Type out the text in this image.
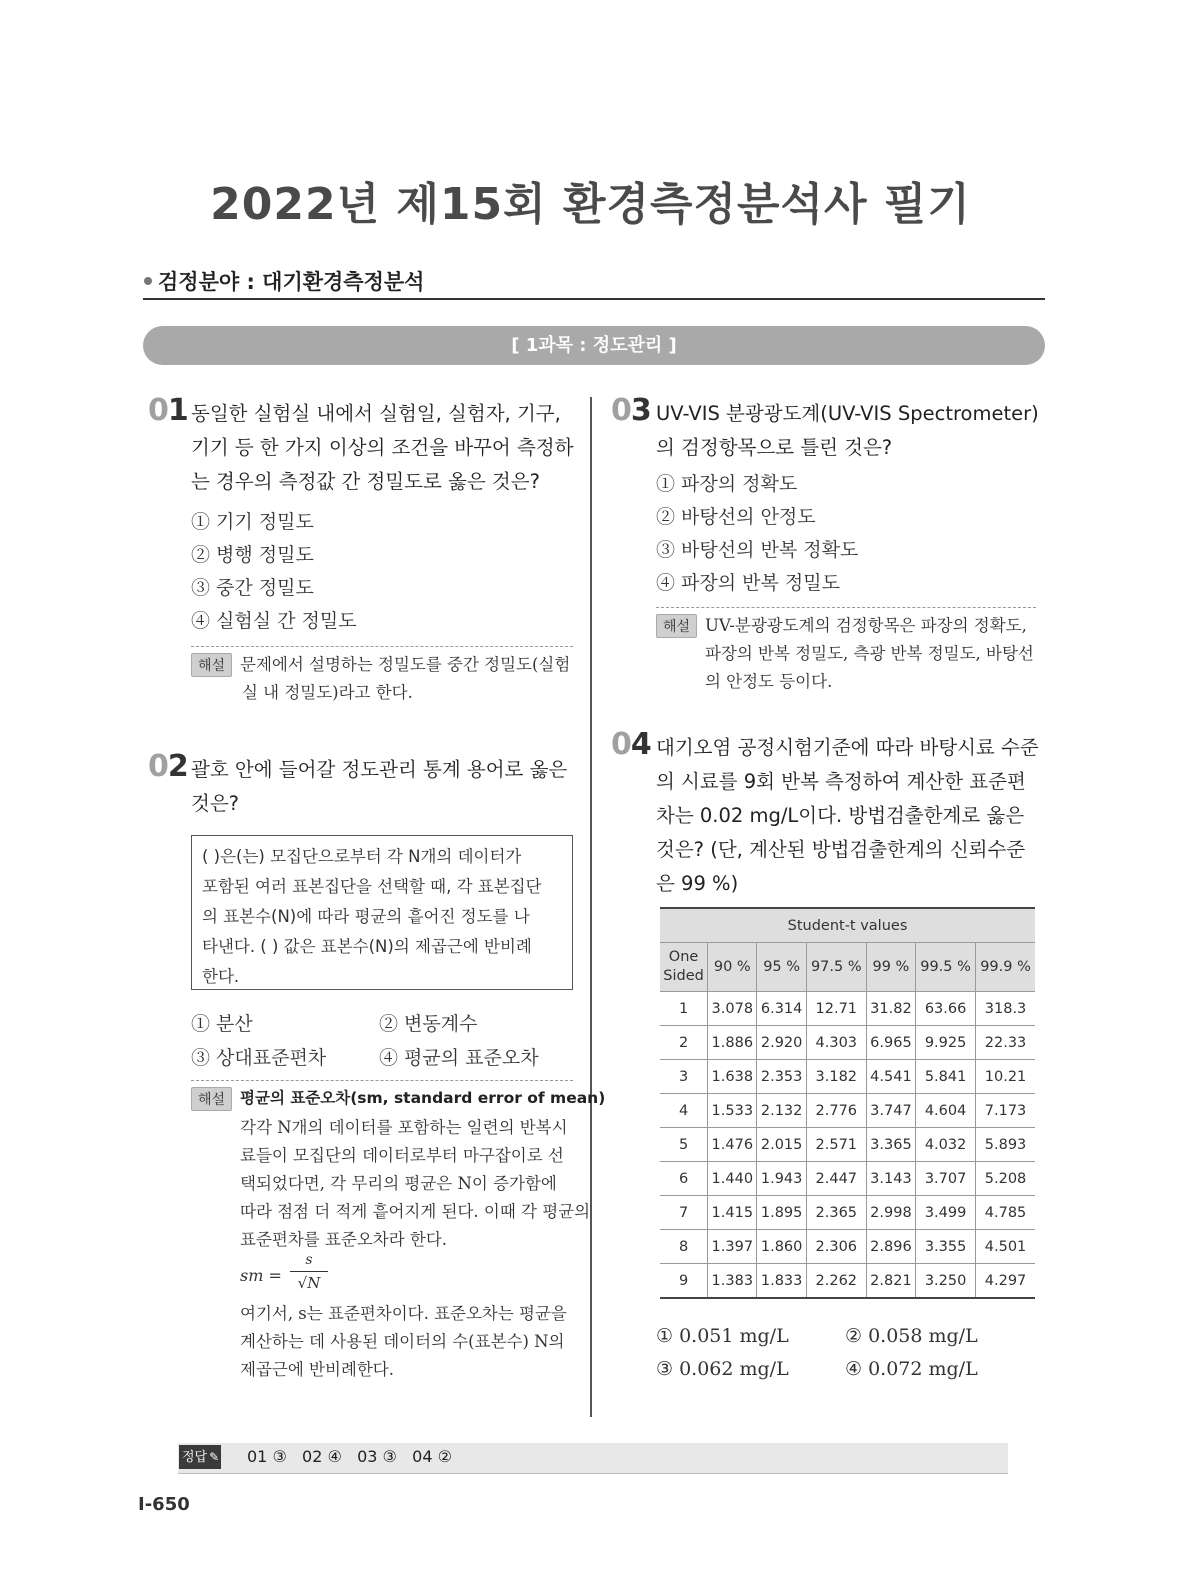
2022년 제15회 환경측정분석사 필기
검정분야 : 대기환경측정분석
[ 1과목 : 정도관리 ]
01 동일한 실험실 내에서 실험일, 실험자, 기구,
기기 등 한 가지 이상의 조건을 바꾸어 측정하
는 경우의 측정값 간 정밀도로 옳은 것은?
① 기기 정밀도
② 병행 정밀도
③ 중간 정밀도
④ 실험실 간 정밀도
해설 문제에서 설명하는 정밀도를 중간 정밀도(실험
실 내 정밀도)라고 한다.
02 괄호 안에 들어갈 정도관리 통계 용어로 옳은
것은?
( )은(는) 모집단으로부터 각 N개의 데이터가
포함된 여러 표본집단을 선택할 때, 각 표본집단
의 표본수(N)에 따라 평균의 흩어진 정도를 나
타낸다. ( ) 값은 표본수(N)의 제곱근에 반비례
한다.
① 분산	② 변동계수
③ 상대표준편차	④ 평균의 표준오차
해설 평균의 표준오차(sm, standard error of mean)
각각 N개의 데이터를 포함하는 일련의 반복시
료들이 모집단의 데이터로부터 마구잡이로 선
택되었다면, 각 무리의 평균은 N이 증가함에
따라 점점 더 적게 흩어지게 된다. 이때 각 평균의
표준편차를 표준오차라 한다.
sm =
s
√N
여기서, s는 표준편차이다. 표준오차는 평균을
계산하는 데 사용된 데이터의 수(표본수) N의
제곱근에 반비례한다.
03 UV-VIS 분광광도계(UV-VIS Spectrometer)
의 검정항목으로 틀린 것은?
① 파장의 정확도
② 바탕선의 안정도
③ 바탕선의 반복 정확도
④ 파장의 반복 정밀도
해설 UV-분광광도계의 검정항목은 파장의 정확도,
파장의 반복 정밀도, 측광 반복 정밀도, 바탕선
의 안정도 등이다.
04 대기오염 공정시험기준에 따라 바탕시료 수준
의 시료를 9회 반복 측정하여 계산한 표준편
차는 0.02 mg/L이다. 방법검출한계로 옳은
것은? (단, 계산된 방법검출한계의 신뢰수준
은 99 %)
Student-t values						

One
Sided	90 %	95 %	97.5 %	99 %	99.5 %	99.9 %
1	3.078	6.314	12.71	31.82	63.66	318.3
2	1.886	2.920	4.303	6.965	9.925	22.33
3	1.638	2.353	3.182	4.541	5.841	10.21
4	1.533	2.132	2.776	3.747	4.604	7.173
5	1.476	2.015	2.571	3.365	4.032	5.893
6	1.440	1.943	2.447	3.143	3.707	5.208
7	1.415	1.895	2.365	2.998	3.499	4.785
8	1.397	1.860	2.306	2.896	3.355	4.501
9	1.383	1.833	2.262	2.821	3.250	4.297
① 0.051 mg/L	② 0.058 mg/L
③ 0.062 mg/L	④ 0.072 mg/L
정답 ✎ 01 ③   02 ④   03 ③   04 ②
I-650
